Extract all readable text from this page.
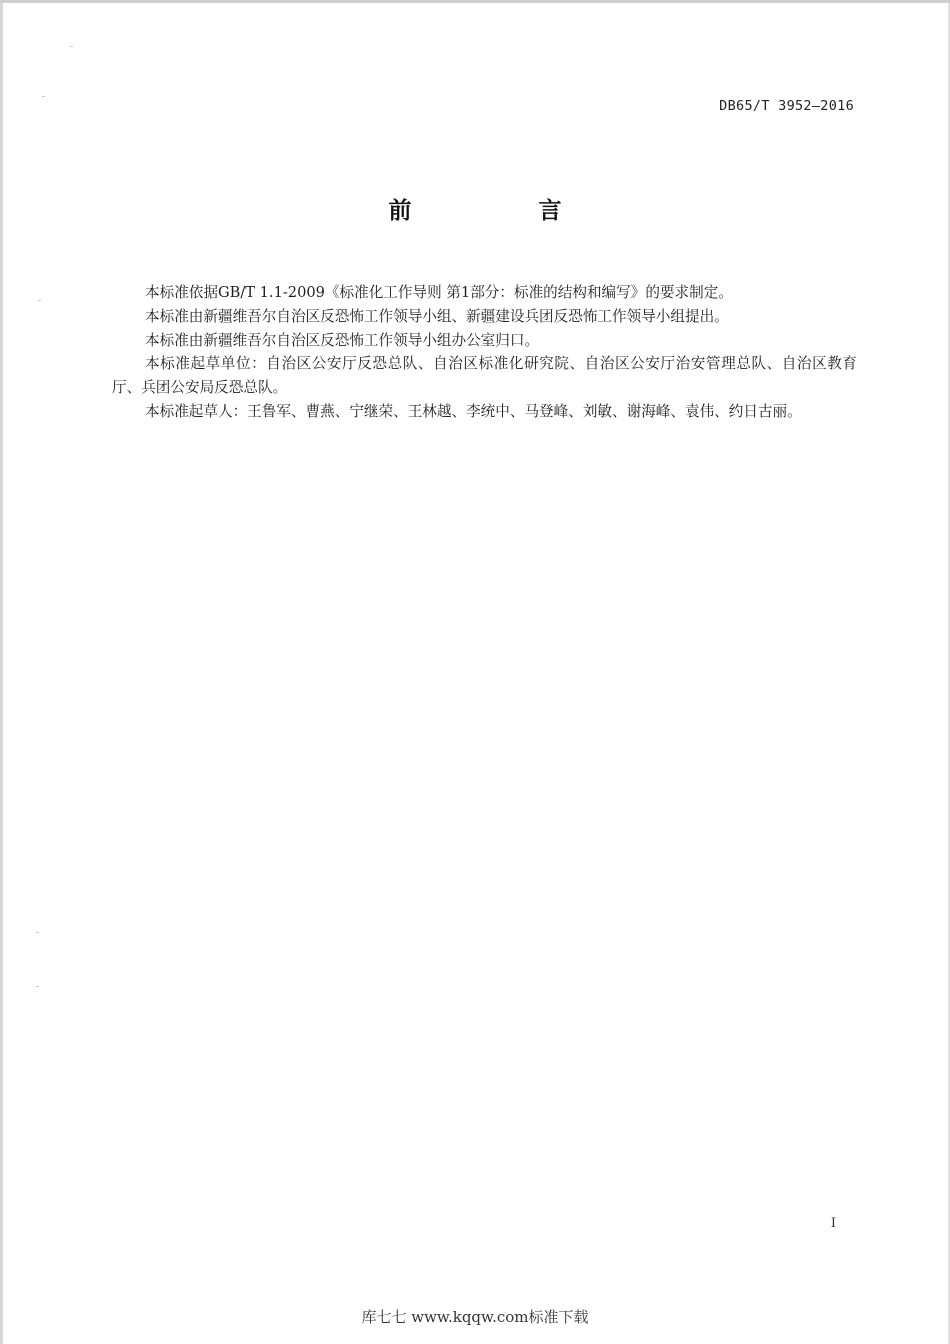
DB65/T 3952—2016
前　言

本标准依据GB/T 1.1-2009《标准化工作导则 第1部分：标准的结构和编写》的要求制定。

本标准由新疆维吾尔自治区反恐怖工作领导小组、新疆建设兵团反恐怖工作领导小组提出。

本标准由新疆维吾尔自治区反恐怖工作领导小组办公室归口。

本标准起草单位：自治区公安厅反恐总队、自治区标准化研究院、自治区公安厅治安管理总队、自治区教育厅、兵团公安局反恐总队。

本标准起草人：王鲁军、曹燕、宁继荣、王林越、李统中、马登峰、刘敏、谢海峰、袁伟、约日古丽。

I
库七七 www.kqqw.com标准下载
